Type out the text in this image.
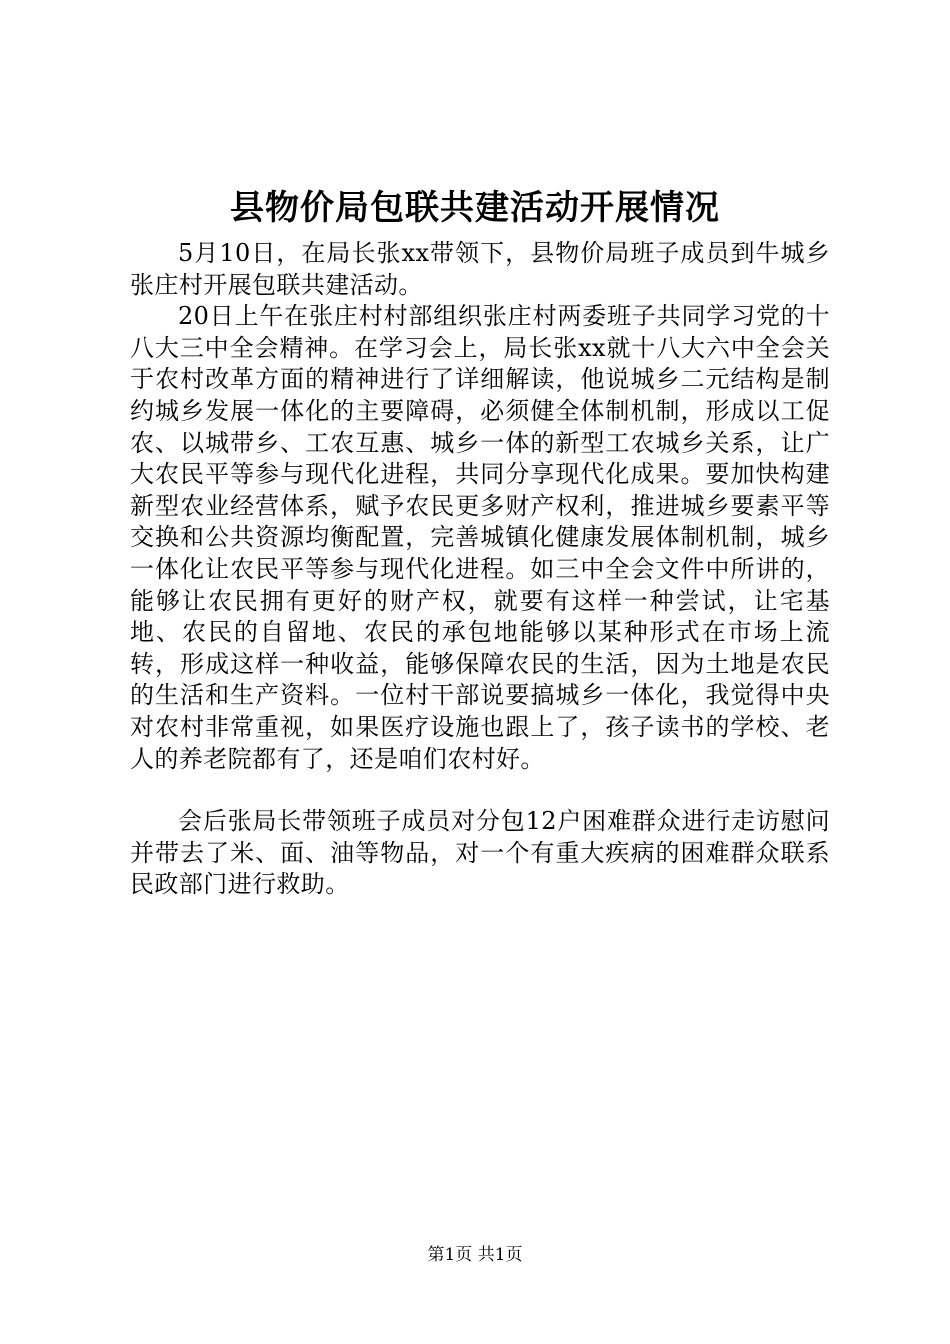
县物价局包联共建活动开展情况

5月10日，在局长张xx带领下，县物价局班子成员到牛城乡张庄村开展包联共建活动。

20日上午在张庄村村部组织张庄村两委班子共同学习党的十八大三中全会精神。在学习会上，局长张xx就十八大六中全会关于农村改革方面的精神进行了详细解读，他说城乡二元结构是制约城乡发展一体化的主要障碍，必须健全体制机制，形成以工促农、以城带乡、工农互惠、城乡一体的新型工农城乡关系，让广大农民平等参与现代化进程，共同分享现代化成果。要加快构建新型农业经营体系，赋予农民更多财产权利，推进城乡要素平等交换和公共资源均衡配置，完善城镇化健康发展体制机制，城乡一体化让农民平等参与现代化进程。如三中全会文件中所讲的，能够让农民拥有更好的财产权，就要有这样一种尝试，让宅基地、农民的自留地、农民的承包地能够以某种形式在市场上流转，形成这样一种收益，能够保障农民的生活，因为土地是农民的生活和生产资料。一位村干部说要搞城乡一体化，我觉得中央对农村非常重视，如果医疗设施也跟上了，孩子读书的学校、老人的养老院都有了，还是咱们农村好。

会后张局长带领班子成员对分包12户困难群众进行走访慰问并带去了米、面、油等物品，对一个有重大疾病的困难群众联系民政部门进行救助。

第1页 共1页
